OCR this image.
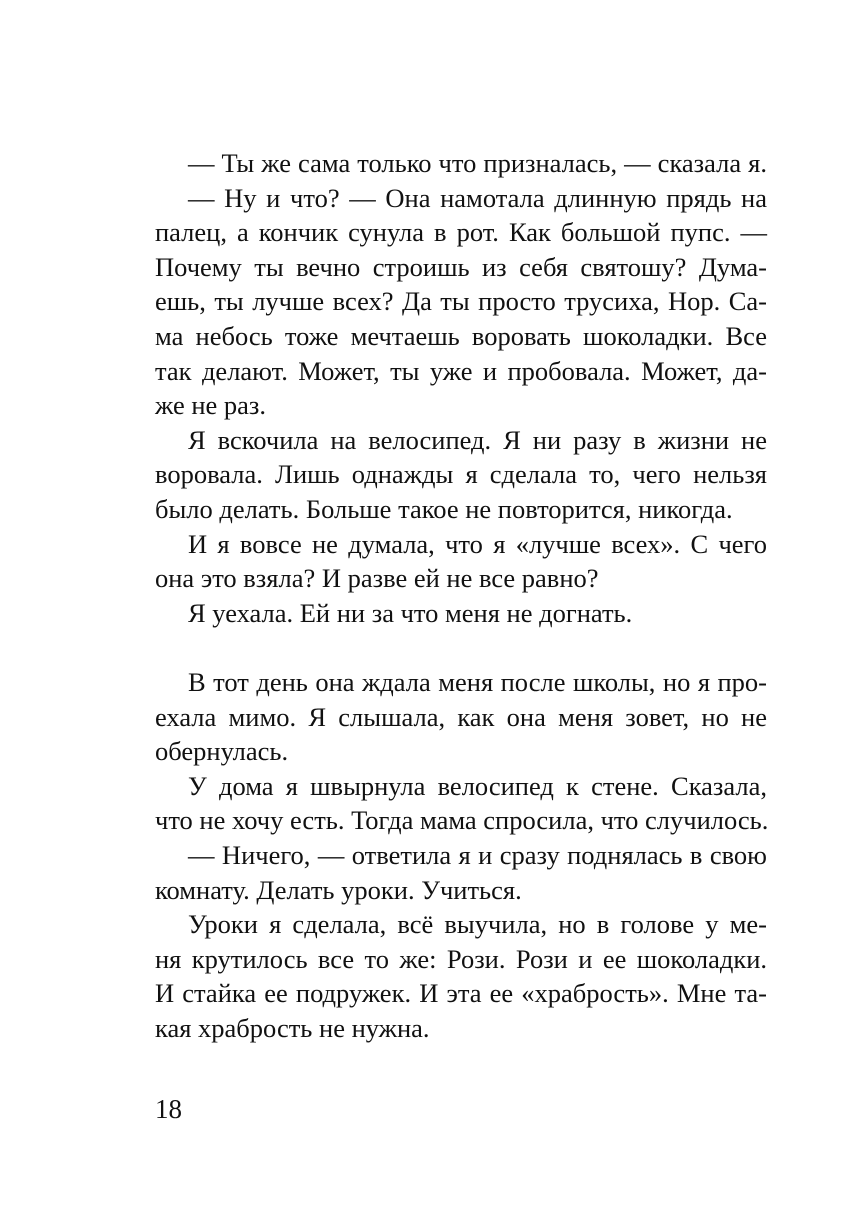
— Ты же сама только что призналась, — сказала я.

— Ну и что? — Она намотала длинную прядь на
палец, а кончик сунула в рот. Как большой пупс. —
Почему ты вечно строишь из себя святошу? Дума-
ешь, ты лучше всех? Да ты просто трусиха, Нор. Са-
ма небось тоже мечтаешь воровать шоколадки. Все
так делают. Может, ты уже и пробовала. Может, да-
же не раз.

Я вскочила на велосипед. Я ни разу в жизни не
воровала. Лишь однажды я сделала то, чего нельзя
было делать. Больше такое не повторится, никогда.

И я вовсе не думала, что я «лучше всех». С чего
она это взяла? И разве ей не все равно?

Я уехала. Ей ни за что меня не догнать.

В тот день она ждала меня после школы, но я про-
ехала мимо. Я слышала, как она меня зовет, но не
обернулась.

У дома я швырнула велосипед к стене. Сказала,
что не хочу есть. Тогда мама спросила, что случилось.

— Ничего, — ответила я и сразу поднялась в свою
комнату. Делать уроки. Учиться.

Уроки я сделала, всё выучила, но в голове у ме-
ня крутилось все то же: Рози. Рози и ее шоколадки.
И стайка ее подружек. И эта ее «храбрость». Мне та-
кая храбрость не нужна.

18
